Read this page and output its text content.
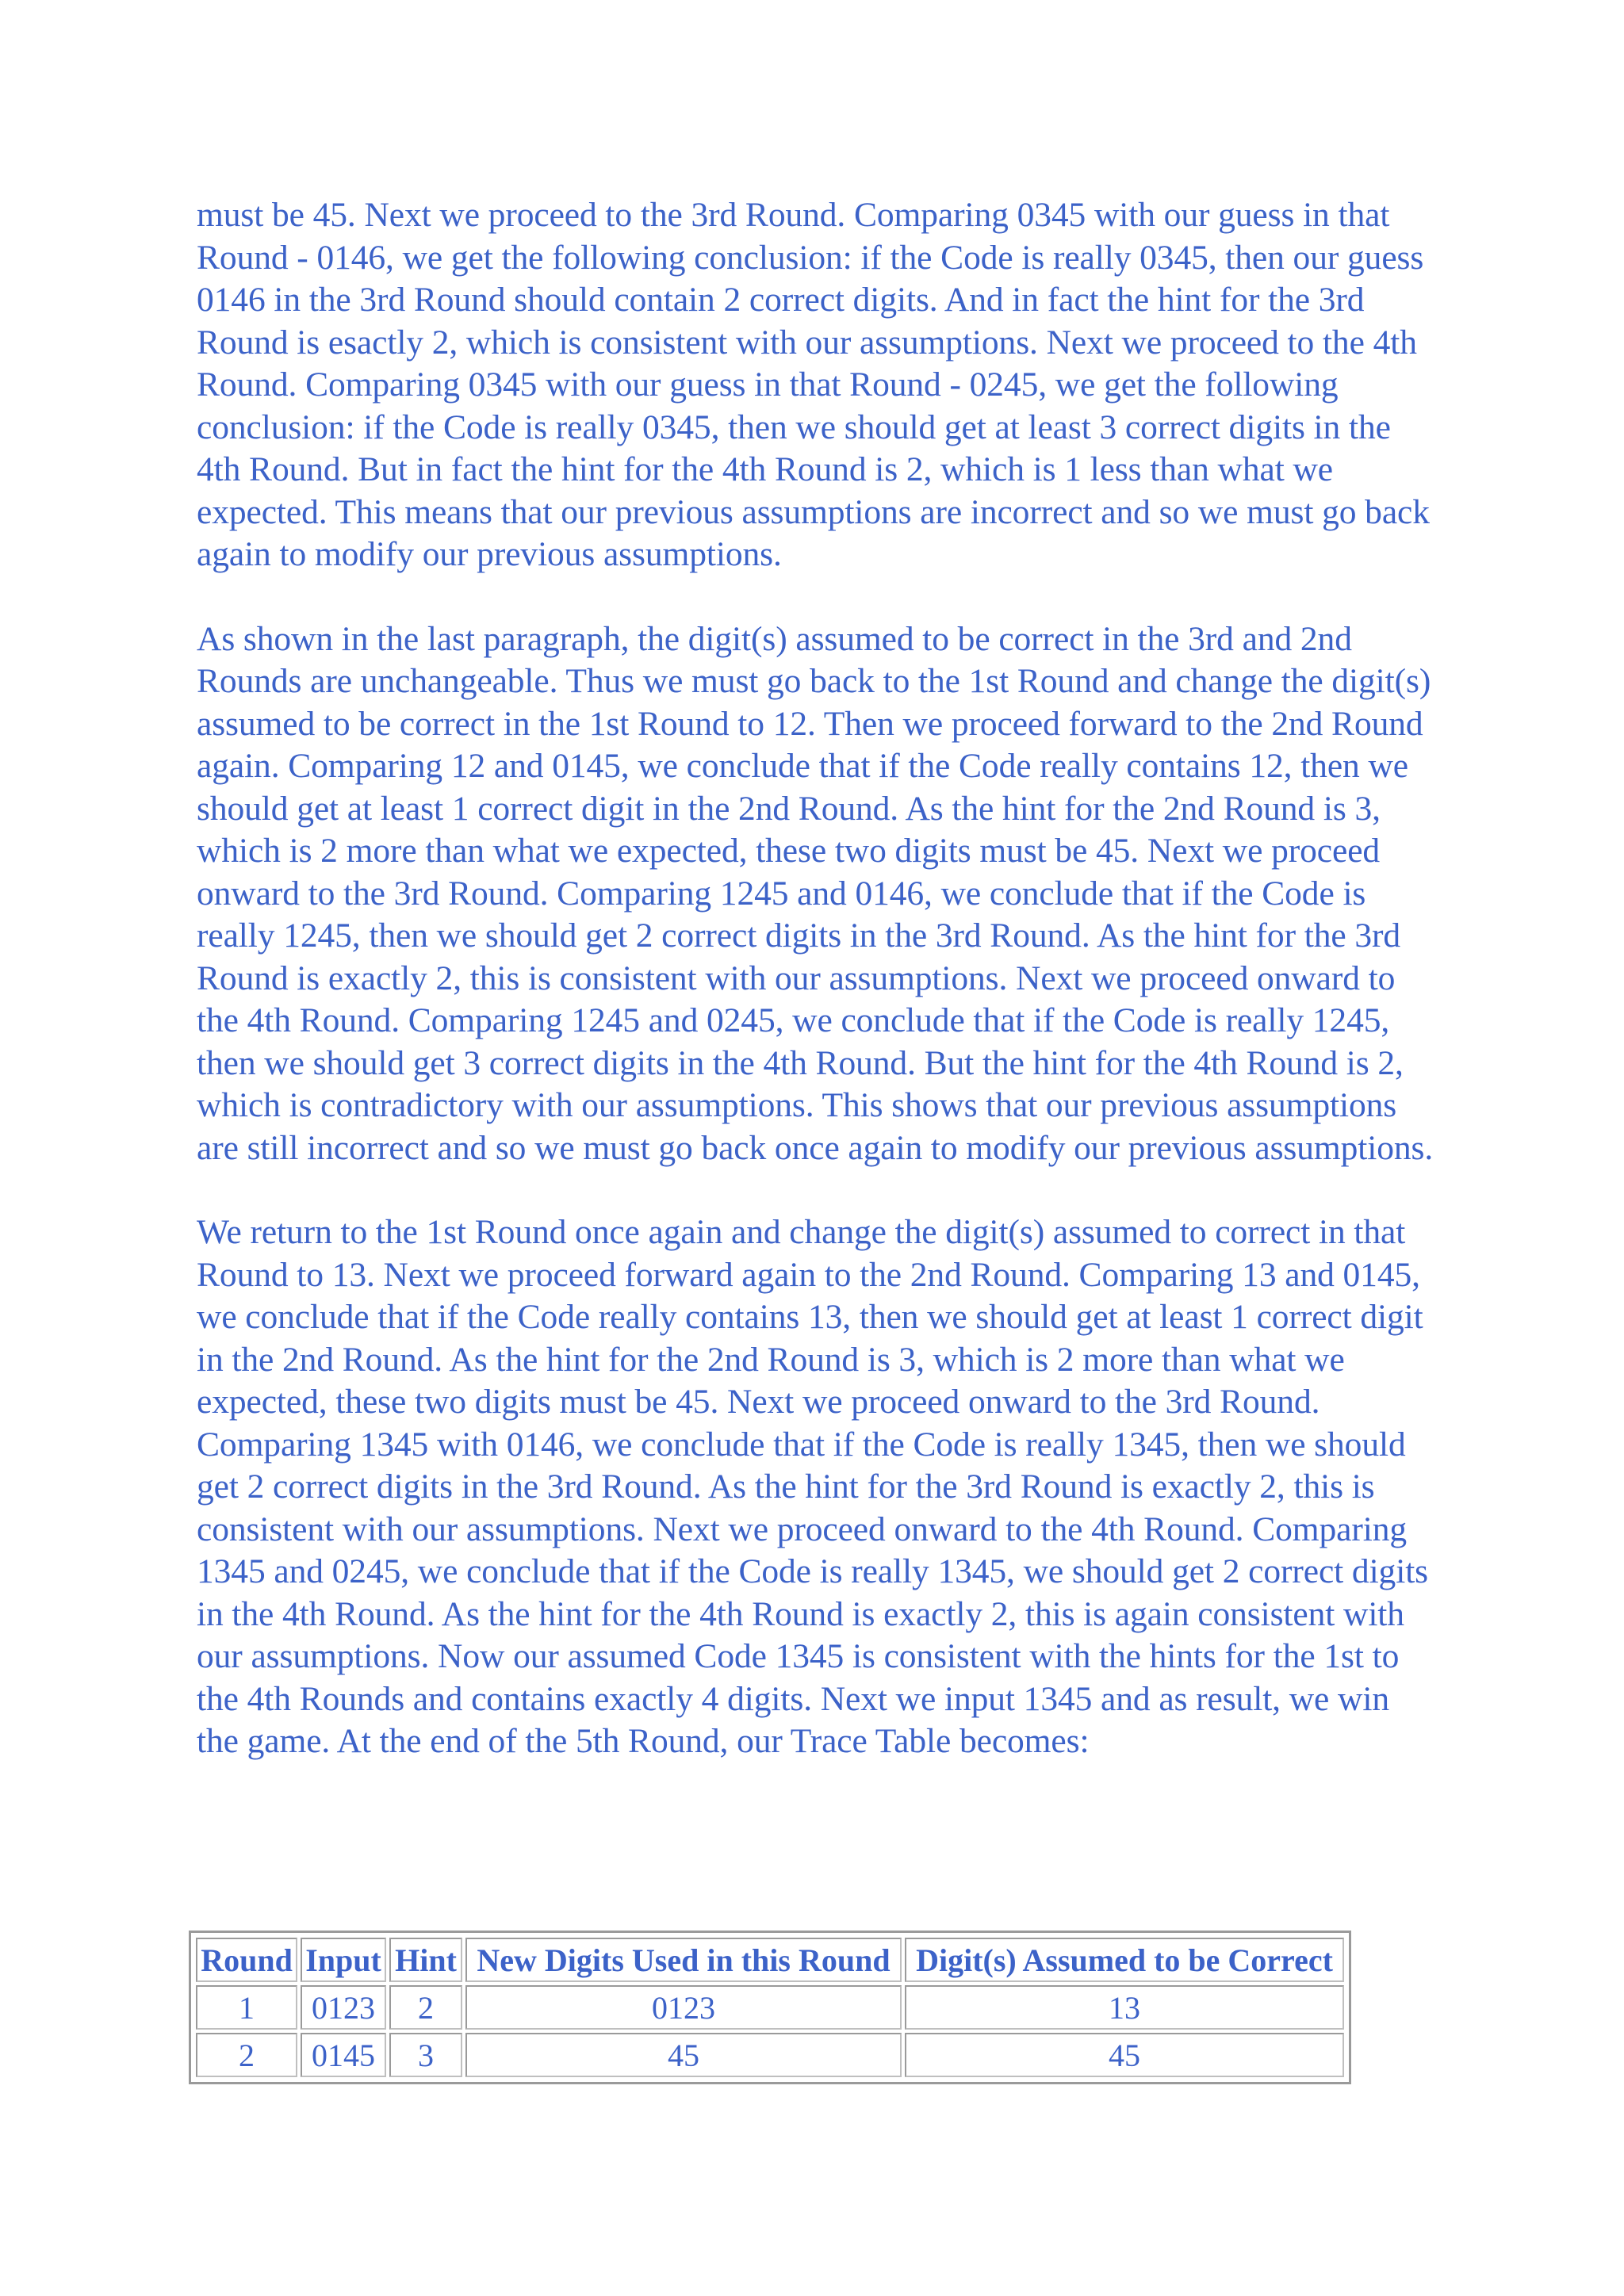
must be 45. Next we proceed to the 3rd Round. Comparing 0345 with our guess in that Round - 0146, we get the following conclusion: if the Code is really 0345, then our guess 0146 in the 3rd Round should contain 2 correct digits. And in fact the hint for the 3rd Round is esactly 2, which is consistent with our assumptions. Next we proceed to the 4th Round. Comparing 0345 with our guess in that Round - 0245, we get the following conclusion: if the Code is really 0345, then we should get at least 3 correct digits in the 4th Round. But in fact the hint for the 4th Round is 2, which is 1 less than what we expected. This means that our previous assumptions are incorrect and so we must go back again to modify our previous assumptions.

As shown in the last paragraph, the digit(s) assumed to be correct in the 3rd and 2nd Rounds are unchangeable. Thus we must go back to the 1st Round and change the digit(s) assumed to be correct in the 1st Round to 12. Then we proceed forward to the 2nd Round again. Comparing 12 and 0145, we conclude that if the Code really contains 12, then we should get at least 1 correct digit in the 2nd Round. As the hint for the 2nd Round is 3, which is 2 more than what we expected, these two digits must be 45. Next we proceed onward to the 3rd Round. Comparing 1245 and 0146, we conclude that if the Code is really 1245, then we should get 2 correct digits in the 3rd Round. As the hint for the 3rd Round is exactly 2, this is consistent with our assumptions. Next we proceed onward to the 4th Round. Comparing 1245 and 0245, we conclude that if the Code is really 1245, then we should get 3 correct digits in the 4th Round. But the hint for the 4th Round is 2, which is contradictory with our assumptions. This shows that our previous assumptions are still incorrect and so we must go back once again to modify our previous assumptions.

We return to the 1st Round once again and change the digit(s) assumed to correct in that Round to 13. Next we proceed forward again to the 2nd Round. Comparing 13 and 0145, we conclude that if the Code really contains 13, then we should get at least 1 correct digit in the 2nd Round. As the hint for the 2nd Round is 3, which is 2 more than what we expected, these two digits must be 45. Next we proceed onward to the 3rd Round. Comparing 1345 with 0146, we conclude that if the Code is really 1345, then we should get 2 correct digits in the 3rd Round. As the hint for the 3rd Round is exactly 2, this is consistent with our assumptions. Next we proceed onward to the 4th Round. Comparing 1345 and 0245, we conclude that if the Code is really 1345, we should get 2 correct digits in the 4th Round. As the hint for the 4th Round is exactly 2, this is again consistent with our assumptions. Now our assumed Code 1345 is consistent with the hints for the 1st to the 4th Rounds and contains exactly 4 digits. Next we input 1345 and as result, we win the game. At the end of the 5th Round, our Trace Table becomes:

Round	Input	Hint	New Digits Used in this Round	Digit(s) Assumed to be Correct
1	0123	2	0123	13
2	0145	3	45	45
